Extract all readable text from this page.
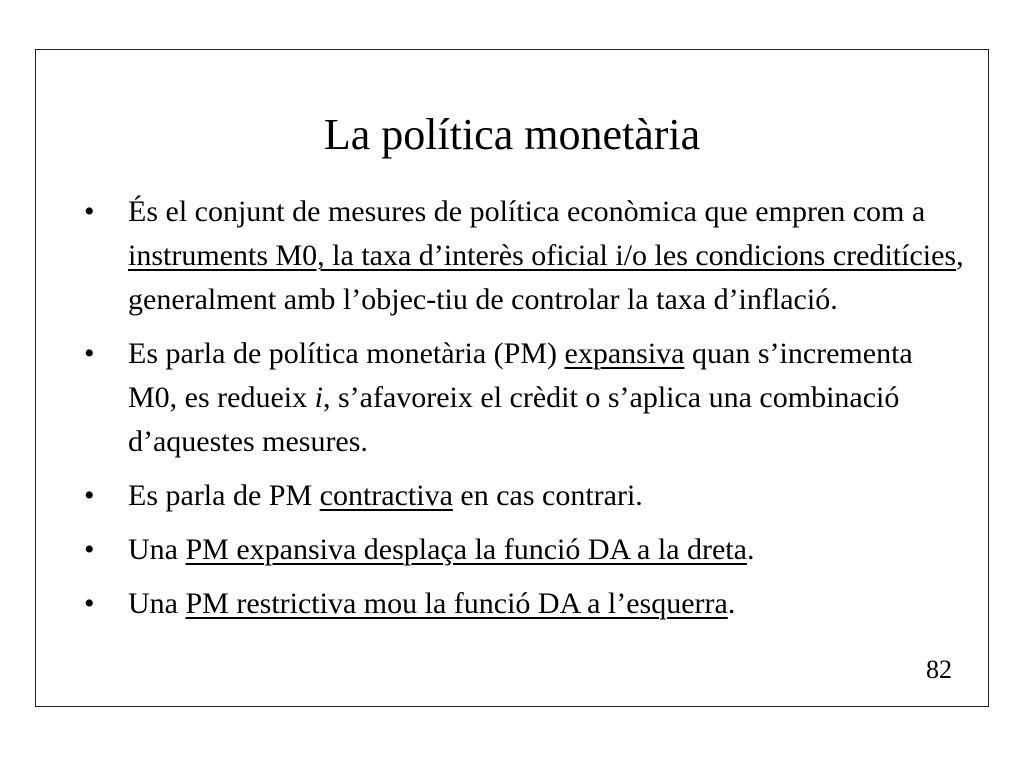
La política monetària
•	És el conjunt de mesures de política econòmica que empren com a instruments M0, la taxa d’interès oficial i/o les condicions creditícies, generalment amb l’objec-tiu de controlar la taxa d’inflació.
•	Es parla de política monetària (PM) expansiva quan s’incrementa M0, es redueix i, s’afavoreix el crèdit o s’aplica una combinació d’aquestes mesures.
•	Es parla de PM contractiva en cas contrari.
•	Una PM expansiva desplaça la funció DA a la dreta.
•	Una PM restrictiva mou la funció DA a l’esquerra.
82
